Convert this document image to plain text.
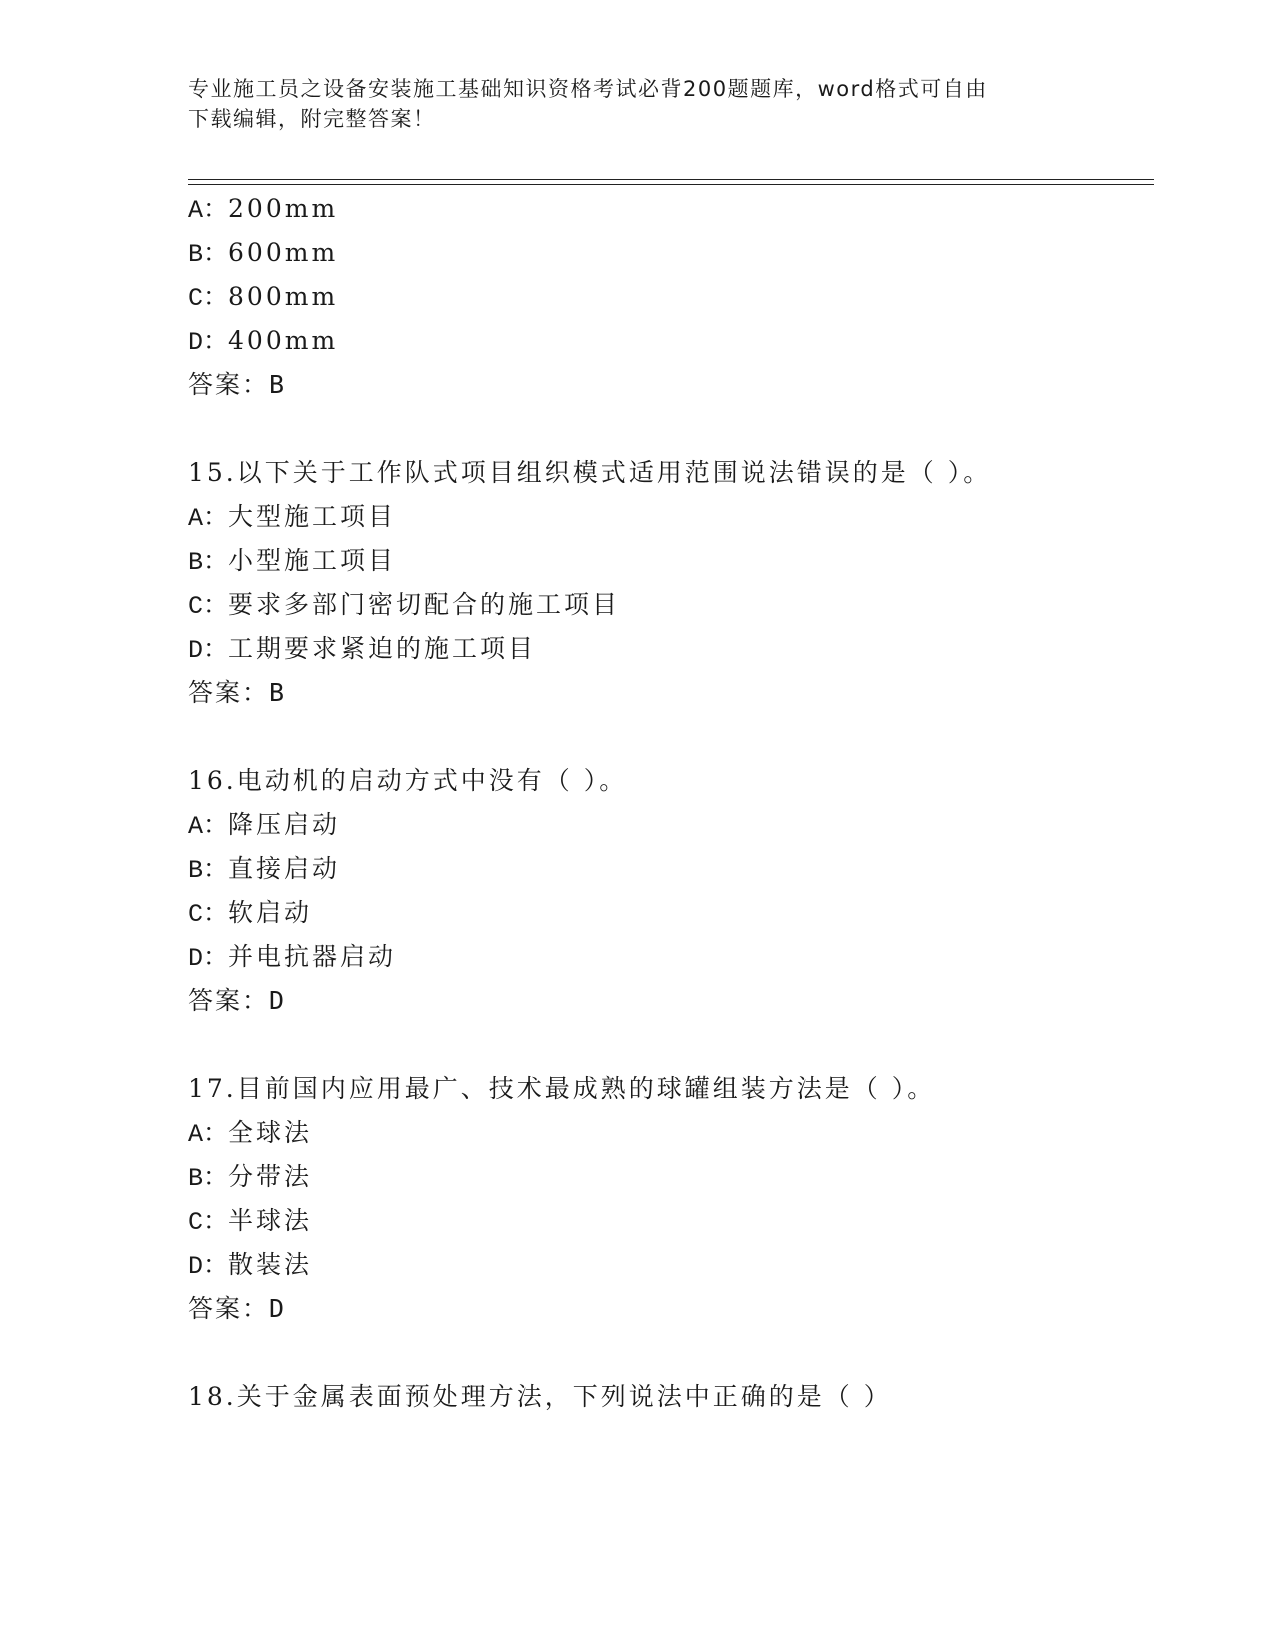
专业施工员之设备安装施工基础知识资格考试必背200题题库，word格式可自由
下载编辑，附完整答案！
A：200mm
B：600mm
C：800mm
D：400mm
答案：B
15.以下关于工作队式项目组织模式适用范围说法错误的是（ ）。
A：大型施工项目
B：小型施工项目
C：要求多部门密切配合的施工项目
D：工期要求紧迫的施工项目
答案：B
16.电动机的启动方式中没有（ ）。
A：降压启动
B：直接启动
C：软启动
D：并电抗器启动
答案：D
17.目前国内应用最广、技术最成熟的球罐组装方法是（ ）。
A：全球法
B：分带法
C：半球法
D：散装法
答案：D
18.关于金属表面预处理方法，下列说法中正确的是（ ）
